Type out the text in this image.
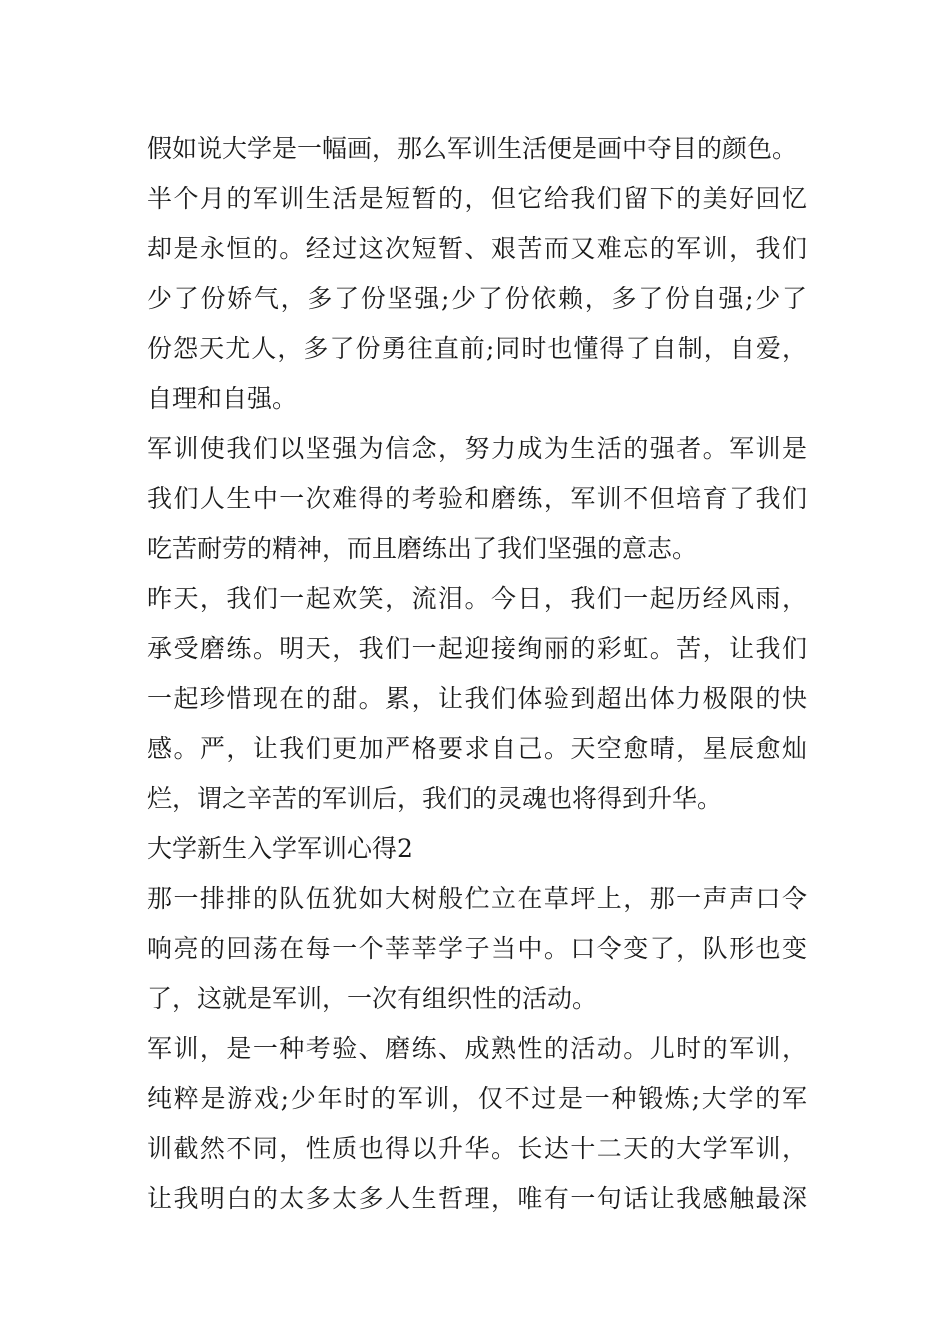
假如说大学是一幅画，那么军训生活便是画中夺目的颜色。
半个月的军训生活是短暂的，但它给我们留下的美好回忆
却是永恒的。经过这次短暂、艰苦而又难忘的军训，我们
少了份娇气，多了份坚强;少了份依赖，多了份自强;少了
份怨天尤人，多了份勇往直前;同时也懂得了自制，自爱，
自理和自强。
军训使我们以坚强为信念，努力成为生活的强者。军训是
我们人生中一次难得的考验和磨练，军训不但培育了我们
吃苦耐劳的精神，而且磨练出了我们坚强的意志。
昨天，我们一起欢笑，流泪。今日，我们一起历经风雨，
承受磨练。明天，我们一起迎接绚丽的彩虹。苦，让我们
一起珍惜现在的甜。累，让我们体验到超出体力极限的快
感。严，让我们更加严格要求自己。天空愈晴，星辰愈灿
烂，谓之辛苦的军训后，我们的灵魂也将得到升华。
大学新生入学军训心得2
那一排排的队伍犹如大树般伫立在草坪上，那一声声口令
响亮的回荡在每一个莘莘学子当中。口令变了，队形也变
了，这就是军训，一次有组织性的活动。
军训，是一种考验、磨练、成熟性的活动。儿时的军训，
纯粹是游戏;少年时的军训，仅不过是一种锻炼;大学的军
训截然不同，性质也得以升华。长达十二天的大学军训，
让我明白的太多太多人生哲理，唯有一句话让我感触最深
